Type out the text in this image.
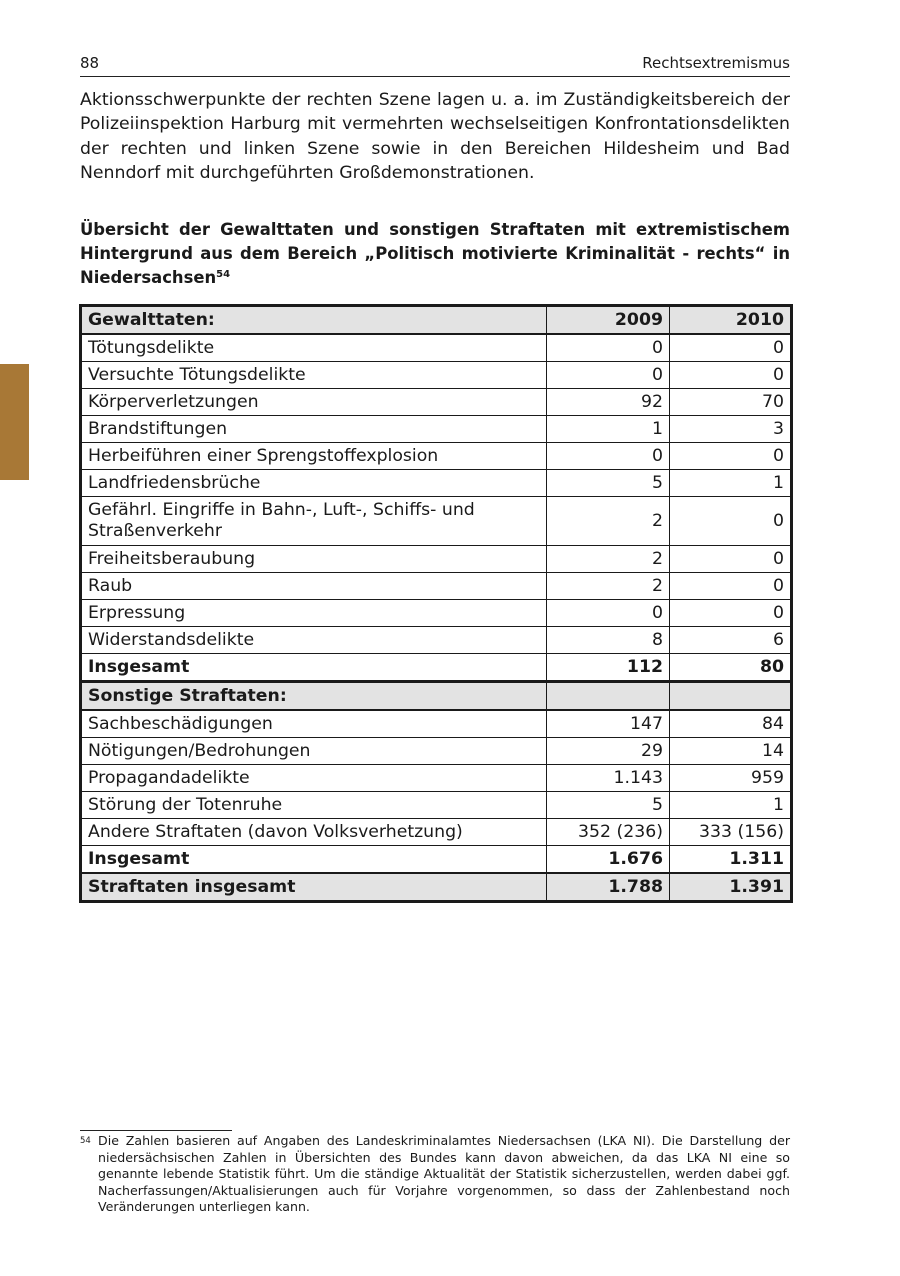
88	Rechtsextremismus

Aktionsschwerpunkte der rechten Szene lagen u. a. im Zuständigkeitsbereich der Polizeiinspektion Harburg mit vermehrten wechselseitigen Konfrontationsdelikten der rechten und linken Szene sowie in den Bereichen Hildesheim und Bad Nenndorf mit durchgeführten Großdemonstrationen.

Übersicht der Gewalttaten und sonstigen Straftaten mit extremistischem Hintergrund aus dem Bereich „Politisch motivierte Kriminalität - rechts“ in Niedersachsen$^{54}$

Gewalttaten:	2009	2010
Tötungsdelikte	0	0
Versuchte Tötungsdelikte	0	0
Körperverletzungen	92	70
Brandstiftungen	1	3
Herbeiführen einer Sprengstoffexplosion	0	0
Landfriedensbrüche	5	1
Gefährl. Eingriffe in Bahn-, Luft-, Schiffs- und Straßenverkehr	2	0
Freiheitsberaubung	2	0
Raub	2	0
Erpressung	0	0
Widerstandsdelikte	8	6
Insgesamt	112	80
Sonstige Straftaten:		
Sachbeschädigungen	147	84
Nötigungen/Bedrohungen	29	14
Propagandadelikte	1.143	959
Störung der Totenruhe	5	1
Andere Straftaten (davon Volksverhetzung)	352 (236)	333 (156)
Insgesamt	1.676	1.311
Straftaten insgesamt	1.788	1.391
54 Die Zahlen basieren auf Angaben des Landeskriminalamtes Niedersachsen (LKA NI). Die Darstellung der niedersächsischen Zahlen in Übersichten des Bundes kann davon abweichen, da das LKA NI eine so genannte lebende Statistik führt. Um die ständige Aktualität der Statistik sicherzustellen, werden dabei ggf. Nacherfassungen/Aktualisierungen auch für Vorjahre vorgenommen, so dass der Zahlenbestand noch Veränderungen unterliegen kann.
